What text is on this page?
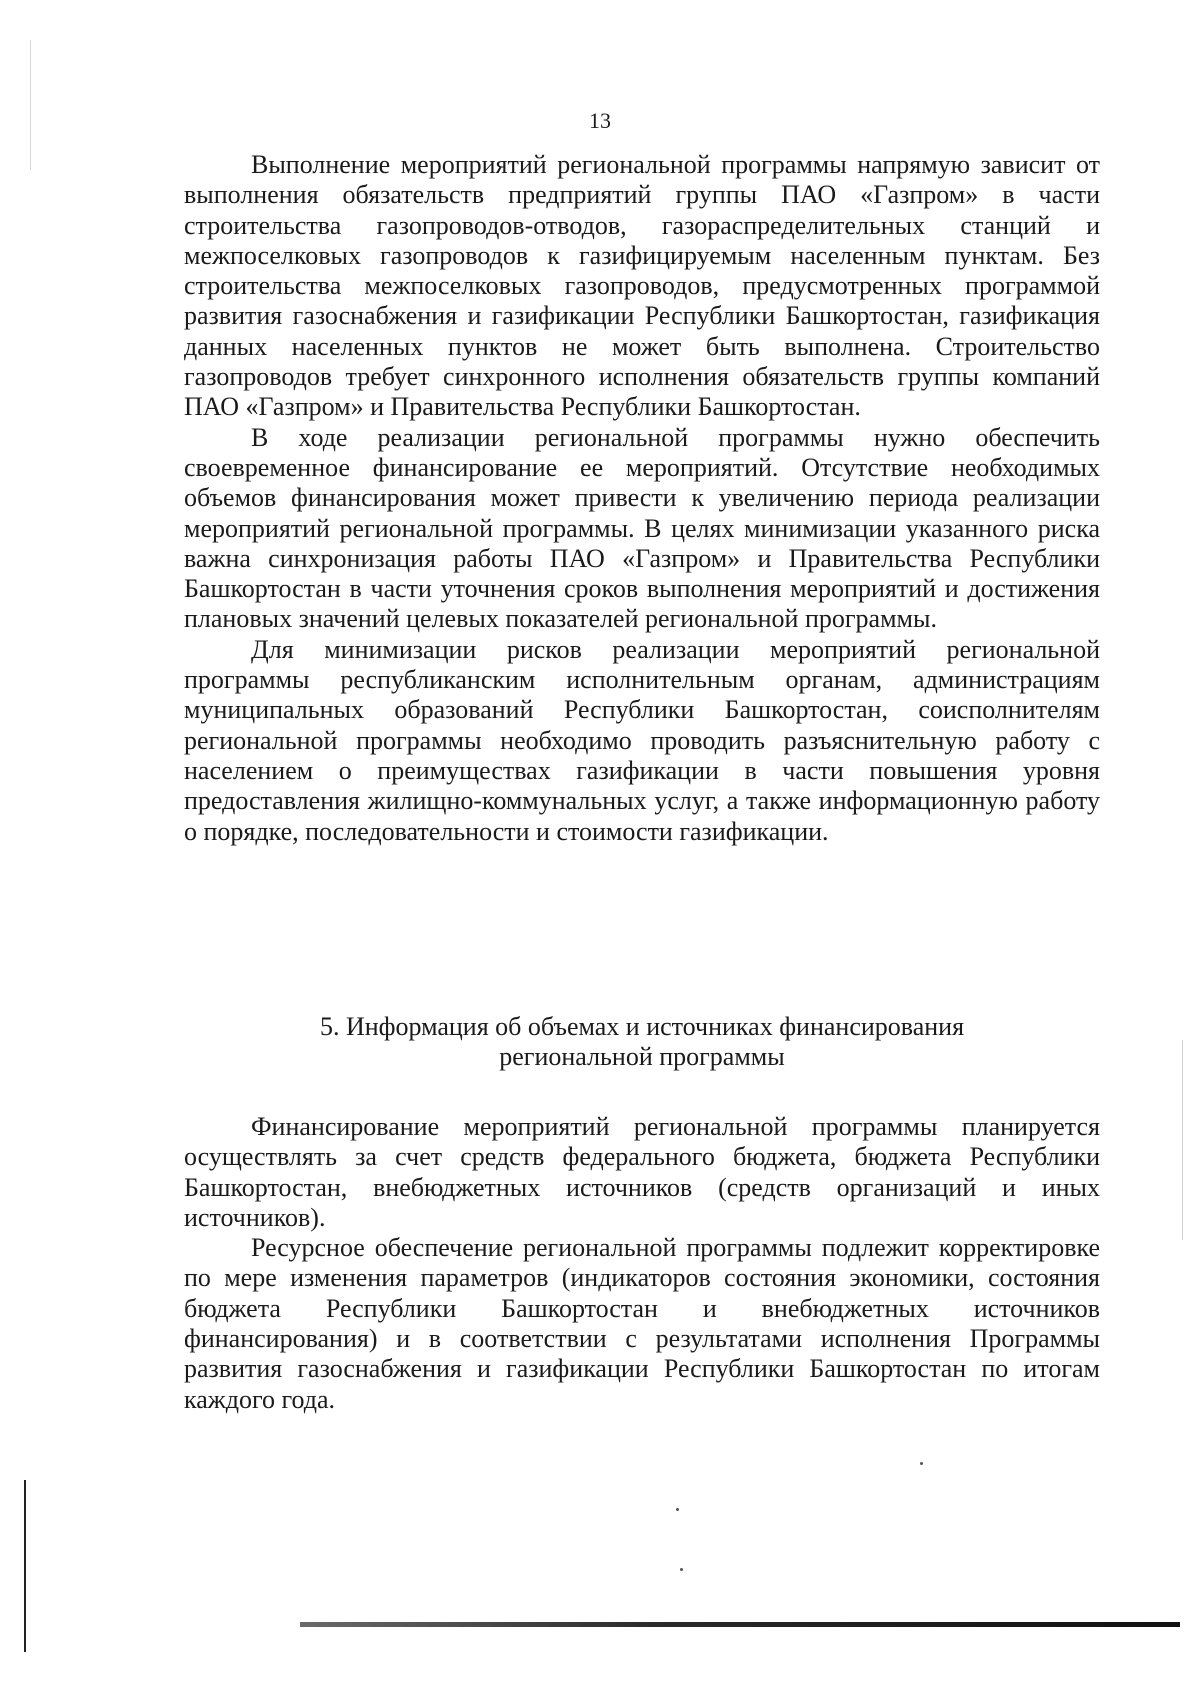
13

Выполнение мероприятий региональной программы напрямую зависит от выполнения обязательств предприятий группы ПАО «Газпром» в части строительства газопроводов-отводов, газораспределительных станций и межпоселковых газопроводов к газифицируемым населенным пунктам. Без строительства межпоселковых газопроводов, предусмотренных программой развития газоснабжения и газификации Республики Башкортостан, газификация данных населенных пунктов не может быть выполнена. Строительство газопроводов требует синхронного исполнения обязательств группы компаний ПАО «Газпром» и Правительства Республики Башкортостан.

В ходе реализации региональной программы нужно обеспечить своевременное финансирование ее мероприятий. Отсутствие необходимых объемов финансирования может привести к увеличению периода реализации мероприятий региональной программы. В целях минимизации указанного риска важна синхронизация работы ПАО «Газпром» и Правительства Республики Башкортостан в части уточнения сроков выполнения мероприятий и достижения плановых значений целевых показателей региональной программы.

Для минимизации рисков реализации мероприятий региональной программы республиканским исполнительным органам, администрациям муниципальных образований Республики Башкортостан, соисполнителям региональной программы необходимо проводить разъяснительную работу с населением о преимуществах газификации в части повышения уровня предоставления жилищно-коммунальных услуг, а также информационную работу о порядке, последовательности и стоимости газификации.

5. Информация об объемах и источниках финансирования
региональной программы

Финансирование мероприятий региональной программы планируется осуществлять за счет средств федерального бюджета, бюджета Республики Башкортостан, внебюджетных источников (средств организаций и иных источников).

Ресурсное обеспечение региональной программы подлежит корректировке по мере изменения параметров (индикаторов состояния экономики, состояния бюджета Республики Башкортостан и внебюджетных источников финансирования) и в соответствии с результатами исполнения Программы развития газоснабжения и газификации Республики Башкортостан по итогам каждого года.
